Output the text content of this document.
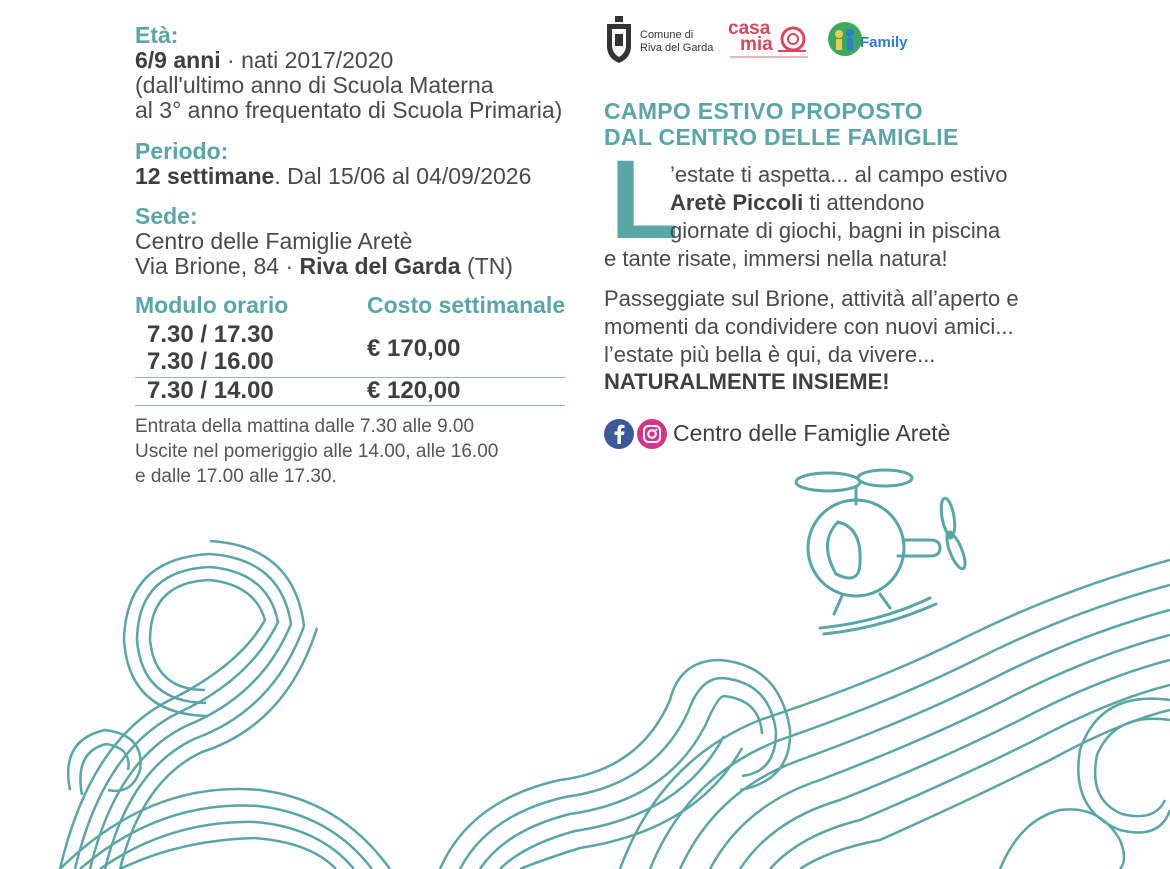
Età:
6/9 anni · nati 2017/2020
(dall'ultimo anno di Scuola Materna
al 3° anno frequentato di Scuola Primaria)
Periodo:
12 settimane. Dal 15/06 al 04/09/2026
Sede:
Centro delle Famiglie Aretè
Via Brione, 84 · Riva del Garda (TN)
Modulo orario	Costo settimanale
7.30 / 17.30
7.30 / 16.00	€ 170,00
7.30 / 14.00	€ 120,00
Entrata della mattina dalle 7.30 alle 9.00
Uscite nel pomeriggio alle 14.00, alle 16.00
e dalle 17.00 alle 17.30.
Comune di
Riva del Garda
casa
mia	Family
CAMPO ESTIVO PROPOSTO
DAL CENTRO DELLE FAMIGLIE
L
’estate ti aspetta... al campo estivo
Aretè Piccoli ti attendono
giornate di giochi, bagni in piscina
e tante risate, immersi nella natura!
Passeggiate sul Brione, attività all’aperto e
momenti da condividere con nuovi amici...
l’estate più bella è qui, da vivere...
NATURALMENTE INSIEME!
Centro delle Famiglie Aretè
